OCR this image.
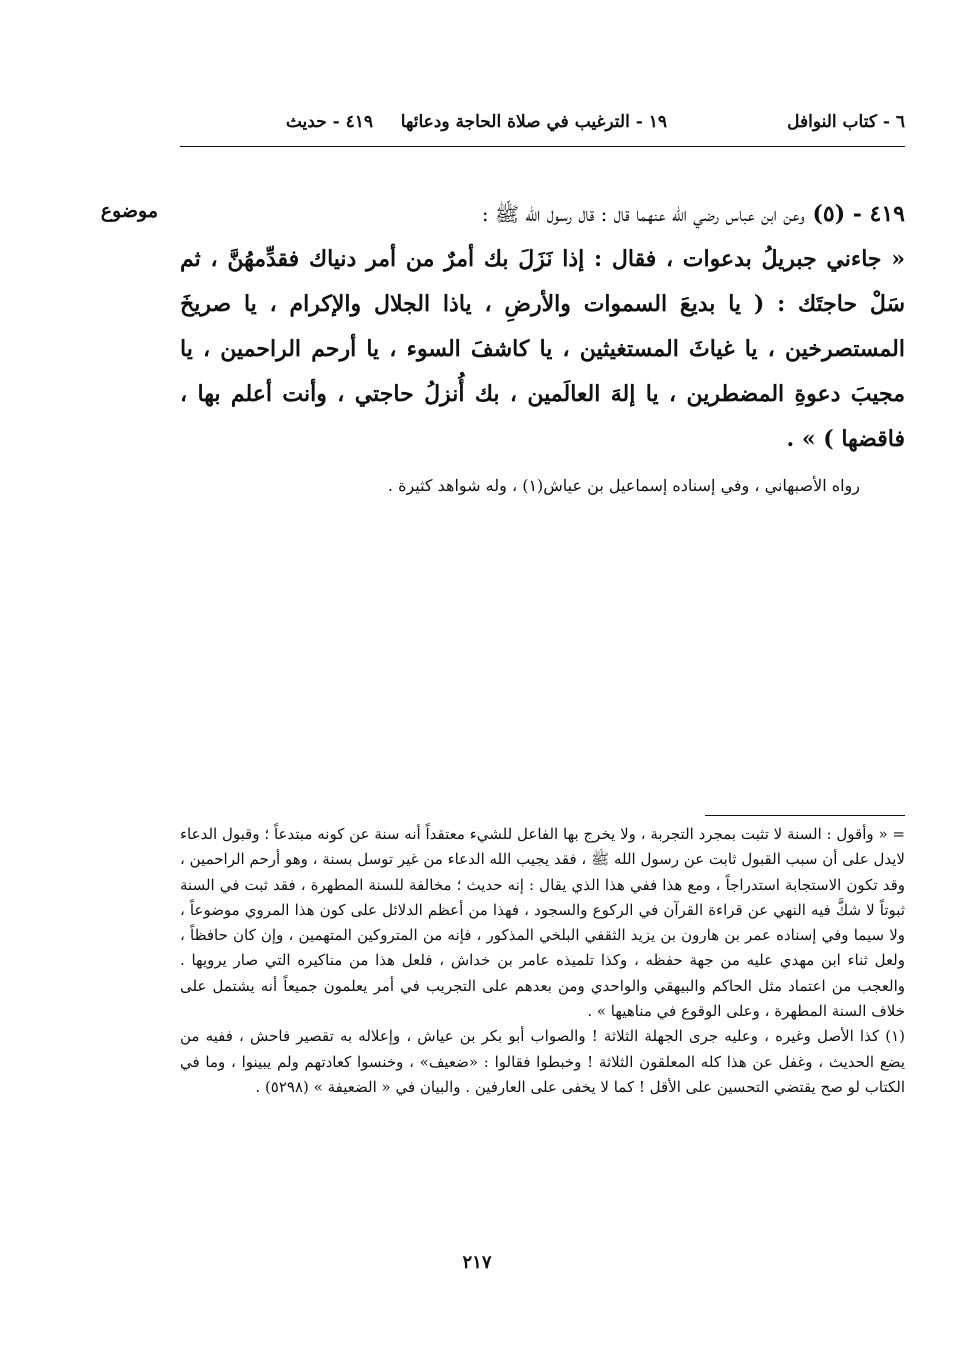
٦ - كتاب النوافل
١٩ - الترغيب في صلاة الحاجة ودعائها
٤١٩ - حديث
موضوع	٤١٩ - (٥) وعن ابن عباس رضي الله عنهما قال : قال رسول الله ﷺ :

« جاءني جبريلُ بدعوات ، فقال : إذا نَزَلَ بك أمرٌ من أمر دنياك فقدِّمهُنَّ ، ثم سَلْ حاجتَك : ( يا بديعَ السموات والأرضِ ، ياذا الجلال والإكرام ، يا صريخَ المستصرخين ، يا غياثَ المستغيثين ، يا كاشفَ السوء ، يا أرحم الراحمين ، يا مجيبَ دعوةِ المضطرين ، يا إلهَ العالَمين ، بك أُنزلُ حاجتي ، وأنت أعلم بها ، فاقضها ) » .

رواه الأصبهاني ، وفي إسناده إسماعيل بن عياش(١) ، وله شواهد كثيرة .

= « وأقول : السنة لا تثبت بمجرد التجربة ، ولا يخرج بها الفاعل للشيء معتقداً أنه سنة عن كونه مبتدعاً ؛ وقبول الدعاء لايدل على أن سبب القبول ثابت عن رسول الله ﷺ ، فقد يجيب الله الدعاء من غير توسل بسنة ، وهو أرحم الراحمين ، وقد تكون الاستجابة استدراجاً ، ومع هذا ففي هذا الذي يقال : إنه حديث ؛ مخالفة للسنة المطهرة ، فقد ثبت في السنة ثبوتاً لا شكَّ فيه النهي عن قراءة القرآن في الركوع والسجود ، فهذا من أعظم الدلائل على كون هذا المروي موضوعاً ، ولا سيما وفي إسناده عمر بن هارون بن يزيد الثقفي البلخي المذكور ، فإنه من المتروكين المتهمين ، وإن كان حافظاً ، ولعل ثناء ابن مهدي عليه من جهة حفظه ، وكذا تلميذه عامر بن خداش ، فلعل هذا من مناكيره التي صار يرويها . والعجب من اعتماد مثل الحاكم والبيهقي والواحدي ومن بعدهم على التجريب في أمر يعلمون جميعاً أنه يشتمل على خلاف السنة المطهرة ، وعلى الوقوع في مناهيها » .

(١) كذا الأصل وغيره ، وعليه جرى الجهلة الثلاثة ! والصواب أبو بكر بن عياش ، وإعلاله به تقصير فاحش ، ففيه من يضع الحديث ، وغفل عن هذا كله المعلقون الثلاثة ! وخبطوا فقالوا : «ضعيف» ، وخنسوا كعادتهم ولم يبينوا ، وما في الكتاب لو صح يقتضي التحسين على الأقل ! كما لا يخفى على العارفين . والبيان في « الضعيفة » (٥٢٩٨) .

٢١٧
